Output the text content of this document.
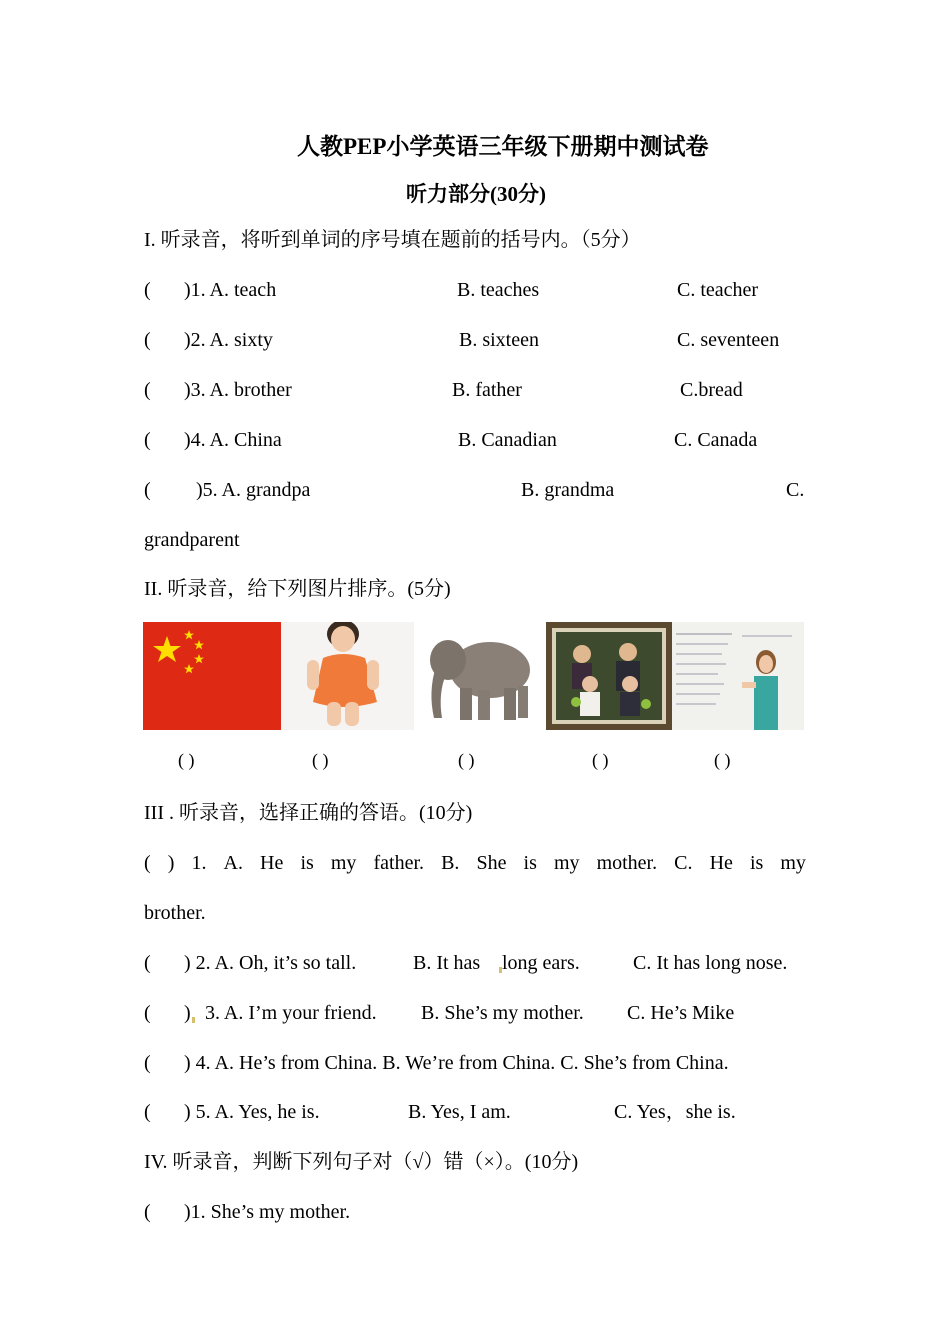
人教PEP小学英语三年级下册期中测试卷
听力部分(30分)
I. 听录音，将听到单词的序号填在题前的括号内。（5分）
( )1. A. teach	B. teaches	C. teacher
( )2. A. sixty	B. sixteen	C. seventeen
( )3. A. brother	B. father	C.bread
( )4. A. China	B. Canadian	C. Canada
( )5. A. grandpa	B. grandma	C.
grandparent
II. 听录音，给下列图片排序。(5分)
( )	( )	( )	( )	( )
III . 听录音，选择正确的答语。(10分)
( ) 1. A. He is my father. B. She is my mother. C. He is my
brother.
( ) 2. A. Oh, it’s so tall.	B. It has long ears.	C. It has long nose.
( ) 3. A. I’m your friend. B. She’s my mother. C. He’s Mike
( ) 4. A. He’s from China. B. We’re from China. C. She’s from China.
( ) 5. A. Yes, he is.	B. Yes, I am.	C. Yes，she is.
IV. 听录音，判断下列句子对（√）错（×）。(10分)
( )1. She’s my mother.
